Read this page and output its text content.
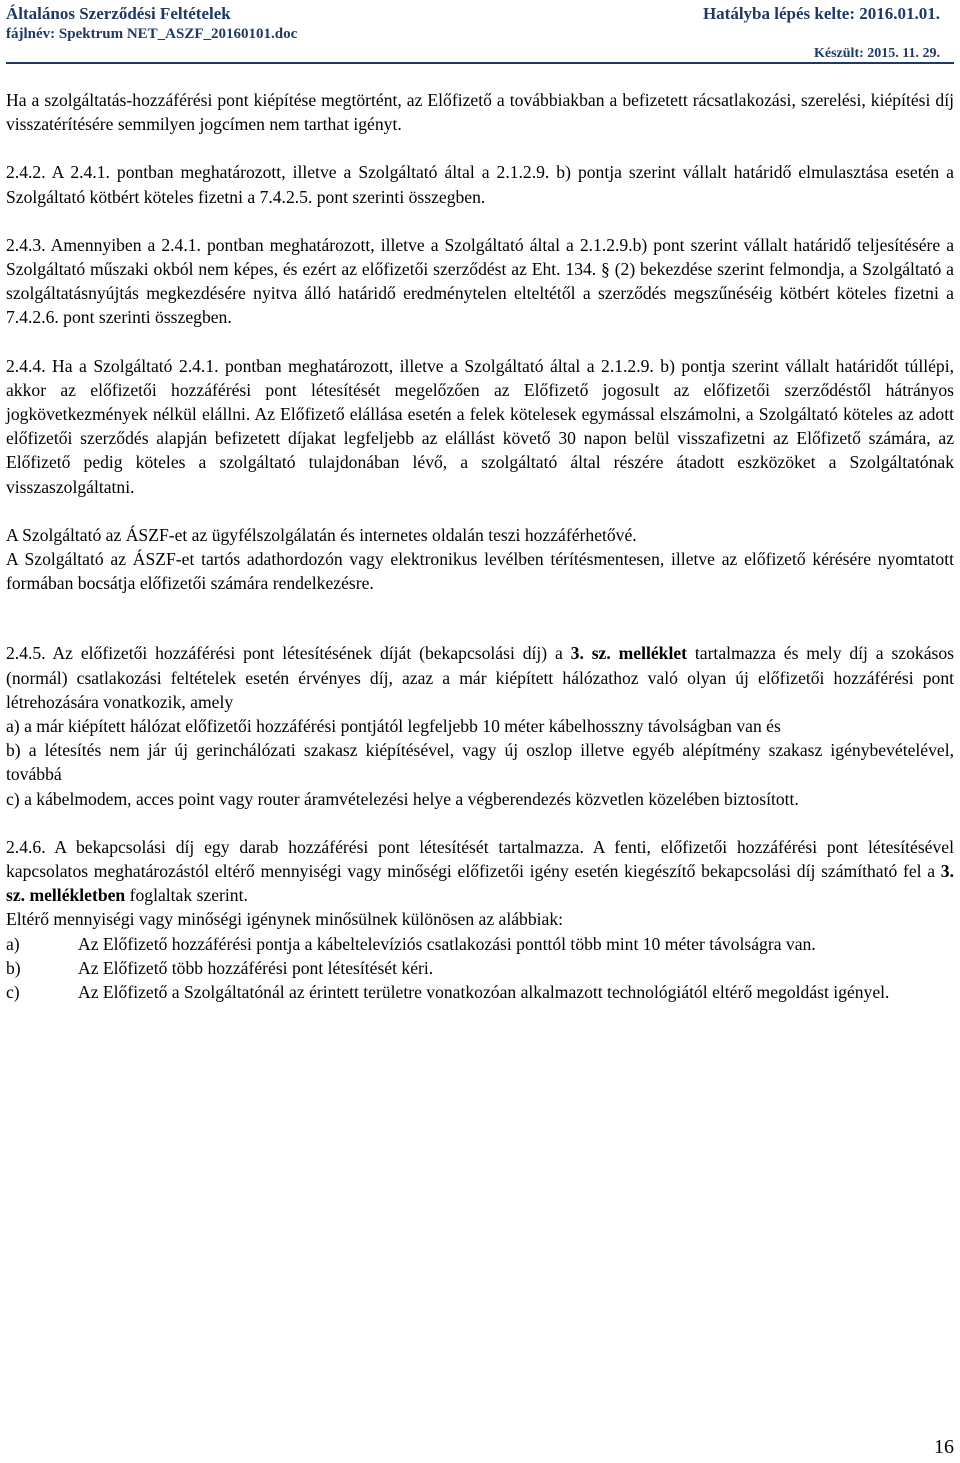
Általános Szerződési Feltételek	Hatályba lépés kelte: 2016.01.01.
fájlnév: Spektrum NET_ASZF_20160101.doc
Készült: 2015. 11. 29.

Ha a szolgáltatás-hozzáférési pont kiépítése megtörtént, az Előfizető a továbbiakban a befizetett rácsatlakozási, szerelési, kiépítési díj visszatérítésére semmilyen jogcímen nem tarthat igényt.

2.4.2. A 2.4.1. pontban meghatározott, illetve a Szolgáltató által a 2.1.2.9. b) pontja szerint vállalt határidő elmulasztása esetén a Szolgáltató kötbért köteles fizetni a 7.4.2.5. pont szerinti összegben.

2.4.3. Amennyiben a 2.4.1. pontban meghatározott, illetve a Szolgáltató által a 2.1.2.9.b) pont szerint vállalt határidő teljesítésére a Szolgáltató műszaki okból nem képes, és ezért az előfizetői szerződést az Eht. 134. § (2) bekezdése szerint felmondja, a Szolgáltató a szolgáltatásnyújtás megkezdésére nyitva álló határidő eredménytelen elteltétől a szerződés megszűnéséig kötbért köteles fizetni a 7.4.2.6. pont szerinti összegben.

2.4.4. Ha a Szolgáltató 2.4.1. pontban meghatározott, illetve a Szolgáltató által a 2.1.2.9. b) pontja szerint vállalt határidőt túllépi, akkor az előfizetői hozzáférési pont létesítését megelőzően az Előfizető jogosult az előfizetői szerződéstől hátrányos jogkövetkezmények nélkül elállni. Az Előfizető elállása esetén a felek kötelesek egymással elszámolni, a Szolgáltató köteles az adott előfizetői szerződés alapján befizetett díjakat legfeljebb az elállást követő 30 napon belül visszafizetni az Előfizető számára, az Előfizető pedig köteles a szolgáltató tulajdonában lévő, a szolgáltató által részére átadott eszközöket a Szolgáltatónak visszaszolgáltatni.

A Szolgáltató az ÁSZF-et az ügyfélszolgálatán és internetes oldalán teszi hozzáférhetővé.

A Szolgáltató az ÁSZF-et tartós adathordozón vagy elektronikus levélben térítésmentesen, illetve az előfizető kérésére nyomtatott formában bocsátja előfizetői számára rendelkezésre.

2.4.5. Az előfizetői hozzáférési pont létesítésének díját (bekapcsolási díj) a 3. sz. melléklet tartalmazza és mely díj a szokásos (normál) csatlakozási feltételek esetén érvényes díj, azaz a már kiépített hálózathoz való olyan új előfizetői hozzáférési pont létrehozására vonatkozik, amely

a) a már kiépített hálózat előfizetői hozzáférési pontjától legfeljebb 10 méter kábelhosszny távolságban van és

b) a létesítés nem jár új gerinchálózati szakasz kiépítésével, vagy új oszlop illetve egyéb alépítmény szakasz igénybevételével, továbbá

c) a kábelmodem, acces point vagy router áramvételezési helye a végberendezés közvetlen közelében biztosított.

2.4.6. A bekapcsolási díj egy darab hozzáférési pont létesítését tartalmazza. A fenti, előfizetői hozzáférési pont létesítésével kapcsolatos meghatározástól eltérő mennyiségi vagy minőségi előfizetői igény esetén kiegészítő bekapcsolási díj számítható fel a 3. sz. mellékletben foglaltak szerint.

Eltérő mennyiségi vagy minőségi igénynek minősülnek különösen az alábbiak:

a)	Az Előfizető hozzáférési pontja a kábeltelevíziós csatlakozási ponttól több mint 10 méter távolságra van.
b)	Az Előfizető több hozzáférési pont létesítését kéri.
c)	Az Előfizető a Szolgáltatónál az érintett területre vonatkozóan alkalmazott technológiától eltérő megoldást igényel.
16
